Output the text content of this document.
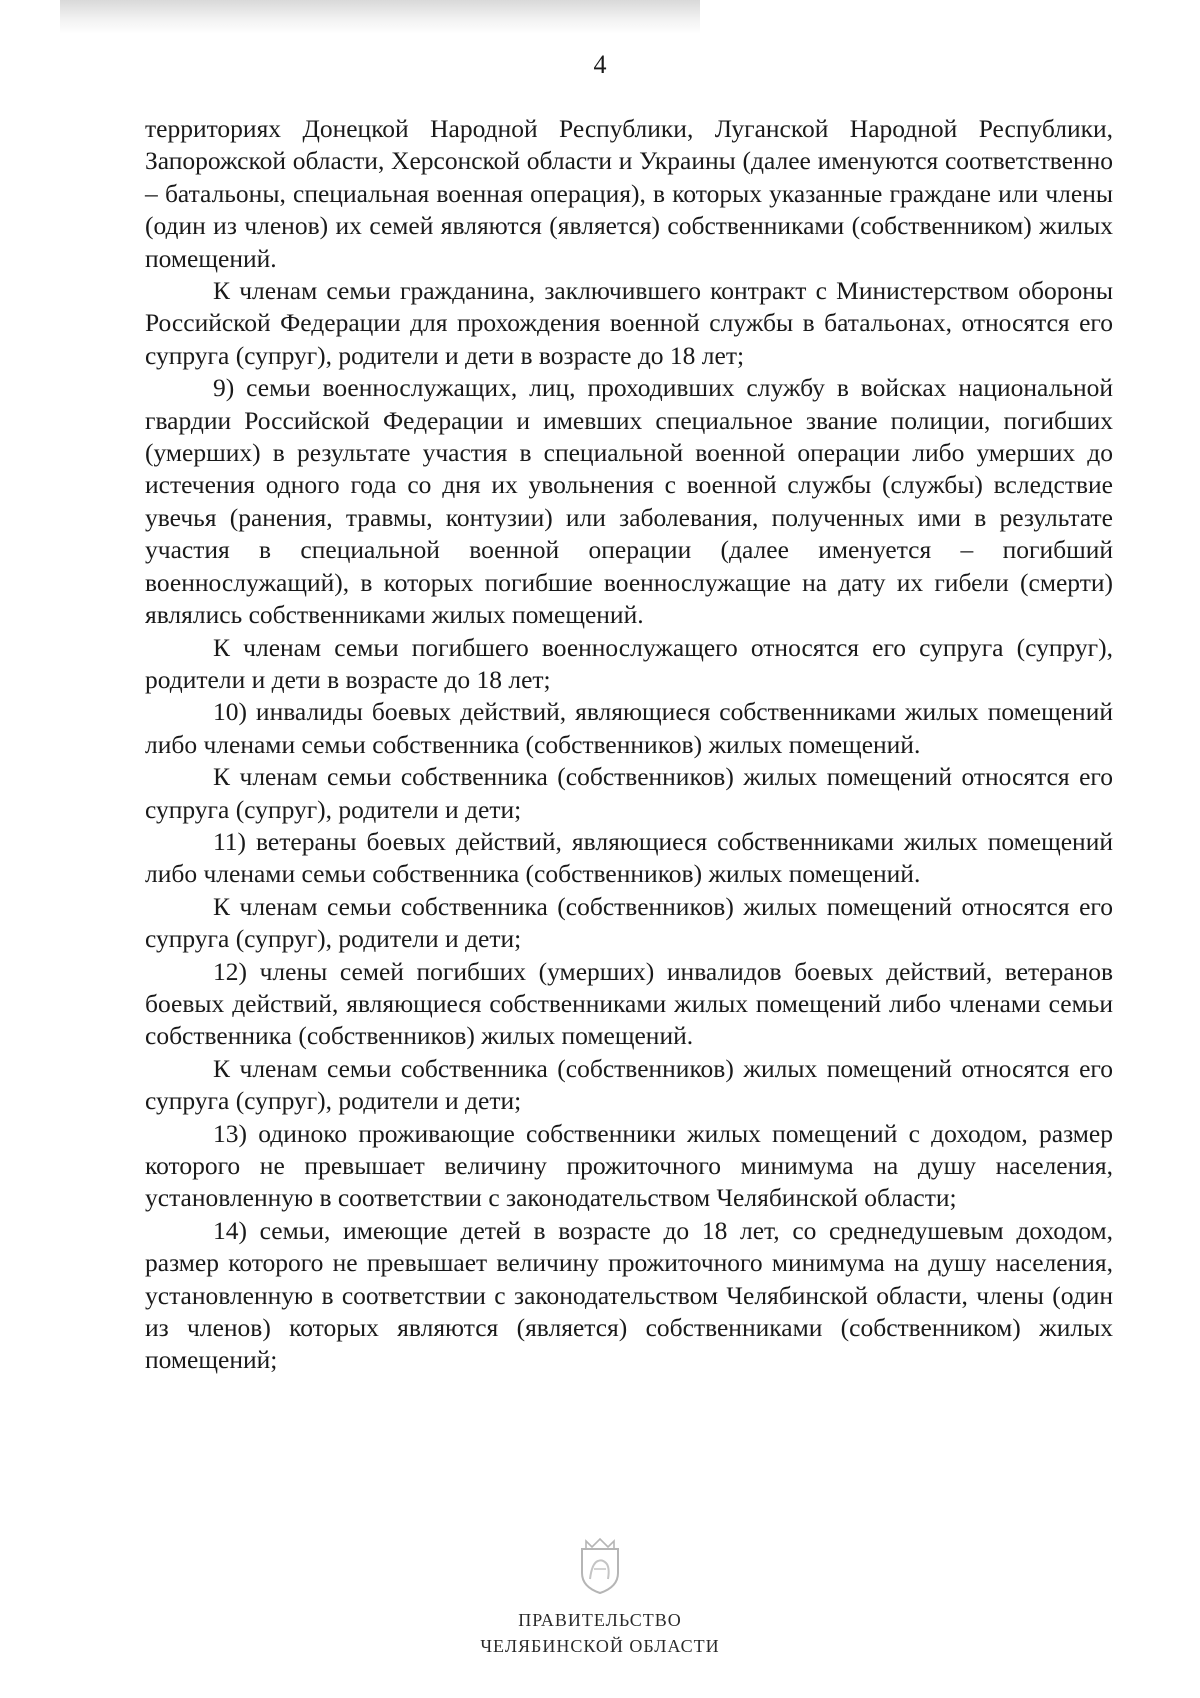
4

территориях Донецкой Народной Республики, Луганской Народной Республики, Запорожской области, Херсонской области и Украины (далее именуются соответственно – батальоны, специальная военная операция), в которых указанные граждане или члены (один из членов) их семей являются (является) собственниками (собственником) жилых помещений.

К членам семьи гражданина, заключившего контракт с Министерством обороны Российской Федерации для прохождения военной службы в батальонах, относятся его супруга (супруг), родители и дети в возрасте до 18 лет;

9) семьи военнослужащих, лиц, проходивших службу в войсках национальной гвардии Российской Федерации и имевших специальное звание полиции, погибших (умерших) в результате участия в специальной военной операции либо умерших до истечения одного года со дня их увольнения с военной службы (службы) вследствие увечья (ранения, травмы, контузии) или заболевания, полученных ими в результате участия в специальной военной операции (далее именуется – погибший военнослужащий), в которых погибшие военнослужащие на дату их гибели (смерти) являлись собственниками жилых помещений.

К членам семьи погибшего военнослужащего относятся его супруга (супруг), родители и дети в возрасте до 18 лет;

10) инвалиды боевых действий, являющиеся собственниками жилых помещений либо членами семьи собственника (собственников) жилых помещений.

К членам семьи собственника (собственников) жилых помещений относятся его супруга (супруг), родители и дети;

11) ветераны боевых действий, являющиеся собственниками жилых помещений либо членами семьи собственника (собственников) жилых помещений.

К членам семьи собственника (собственников) жилых помещений относятся его супруга (супруг), родители и дети;

12) члены семей погибших (умерших) инвалидов боевых действий, ветеранов боевых действий, являющиеся собственниками жилых помещений либо членами семьи собственника (собственников) жилых помещений.

К членам семьи собственника (собственников) жилых помещений относятся его супруга (супруг), родители и дети;

13) одиноко проживающие собственники жилых помещений с доходом, размер которого не превышает величину прожиточного минимума на душу населения, установленную в соответствии с законодательством Челябинской области;

14) семьи, имеющие детей в возрасте до 18 лет, со среднедушевым доходом, размер которого не превышает величину прожиточного минимума на душу населения, установленную в соответствии с законодательством Челябинской области, члены (один из членов) которых являются (является) собственниками (собственником) жилых помещений;

ПРАВИТЕЛЬСТВО
ЧЕЛЯБИНСКОЙ ОБЛАСТИ
